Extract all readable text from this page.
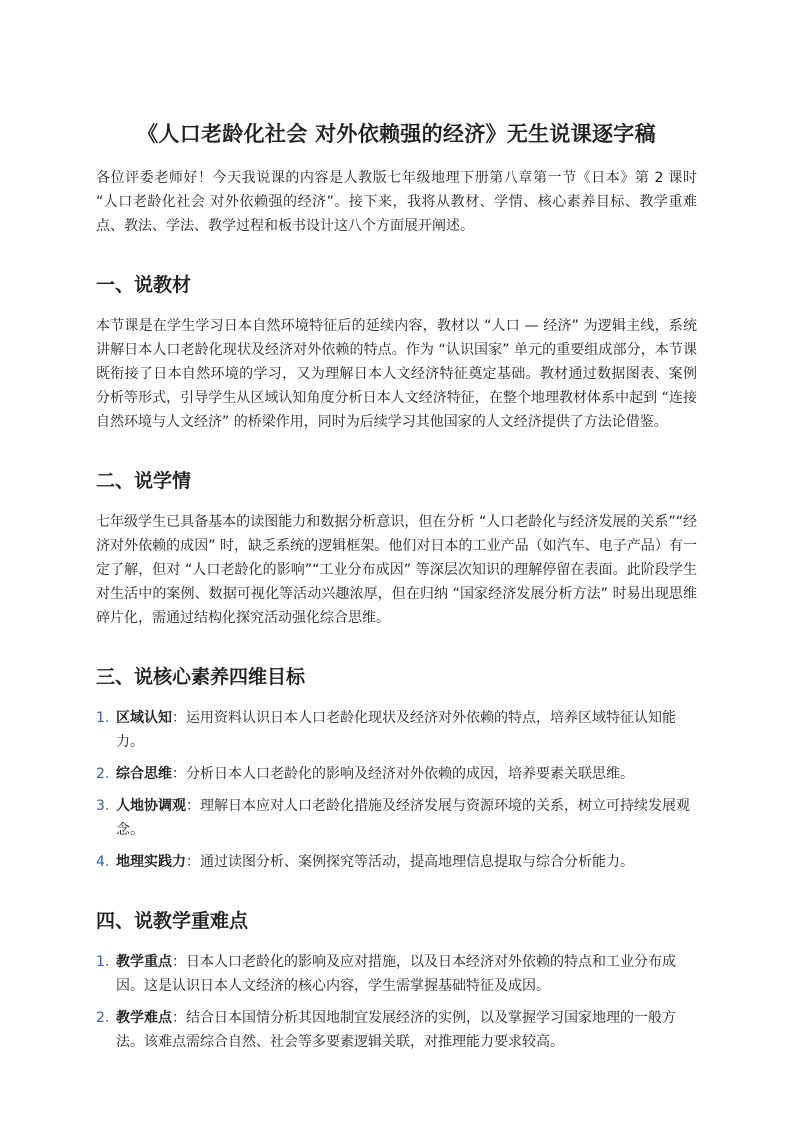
《人口老龄化社会 对外依赖强的经济》无生说课逐字稿

各位评委老师好！今天我说课的内容是人教版七年级地理下册第八章第一节《日本》第 2 课时 “人口老龄化社会 对外依赖强的经济”。接下来，我将从教材、学情、核心素养目标、教学重难点、教法、学法、教学过程和板书设计这八个方面展开阐述。

一、说教材

本节课是在学生学习日本自然环境特征后的延续内容，教材以 “人口 — 经济” 为逻辑主线，系统讲解日本人口老龄化现状及经济对外依赖的特点。作为 “认识国家” 单元的重要组成部分，本节课既衔接了日本自然环境的学习，又为理解日本人文经济特征奠定基础。教材通过数据图表、案例分析等形式，引导学生从区域认知角度分析日本人文经济特征，在整个地理教材体系中起到 “连接自然环境与人文经济” 的桥梁作用，同时为后续学习其他国家的人文经济提供了方法论借鉴。

二、说学情

七年级学生已具备基本的读图能力和数据分析意识，但在分析 “人口老龄化与经济发展的关系”“经济对外依赖的成因” 时，缺乏系统的逻辑框架。他们对日本的工业产品（如汽车、电子产品）有一定了解，但对 “人口老龄化的影响”“工业分布成因” 等深层次知识的理解停留在表面。此阶段学生对生活中的案例、数据可视化等活动兴趣浓厚，但在归纳 “国家经济发展分析方法” 时易出现思维碎片化，需通过结构化探究活动强化综合思维。

三、说核心素养四维目标
1. 区域认知：运用资料认识日本人口老龄化现状及经济对外依赖的特点，培养区域特征认知能力。
2. 综合思维：分析日本人口老龄化的影响及经济对外依赖的成因，培养要素关联思维。
3. 人地协调观：理解日本应对人口老龄化措施及经济发展与资源环境的关系，树立可持续发展观念。
4. 地理实践力：通过读图分析、案例探究等活动，提高地理信息提取与综合分析能力。
四、说教学重难点
1. 教学重点：日本人口老龄化的影响及应对措施，以及日本经济对外依赖的特点和工业分布成因。这是认识日本人文经济的核心内容，学生需掌握基础特征及成因。
2. 教学难点：结合日本国情分析其因地制宜发展经济的实例，以及掌握学习国家地理的一般方法。该难点需综合自然、社会等多要素逻辑关联，对推理能力要求较高。
